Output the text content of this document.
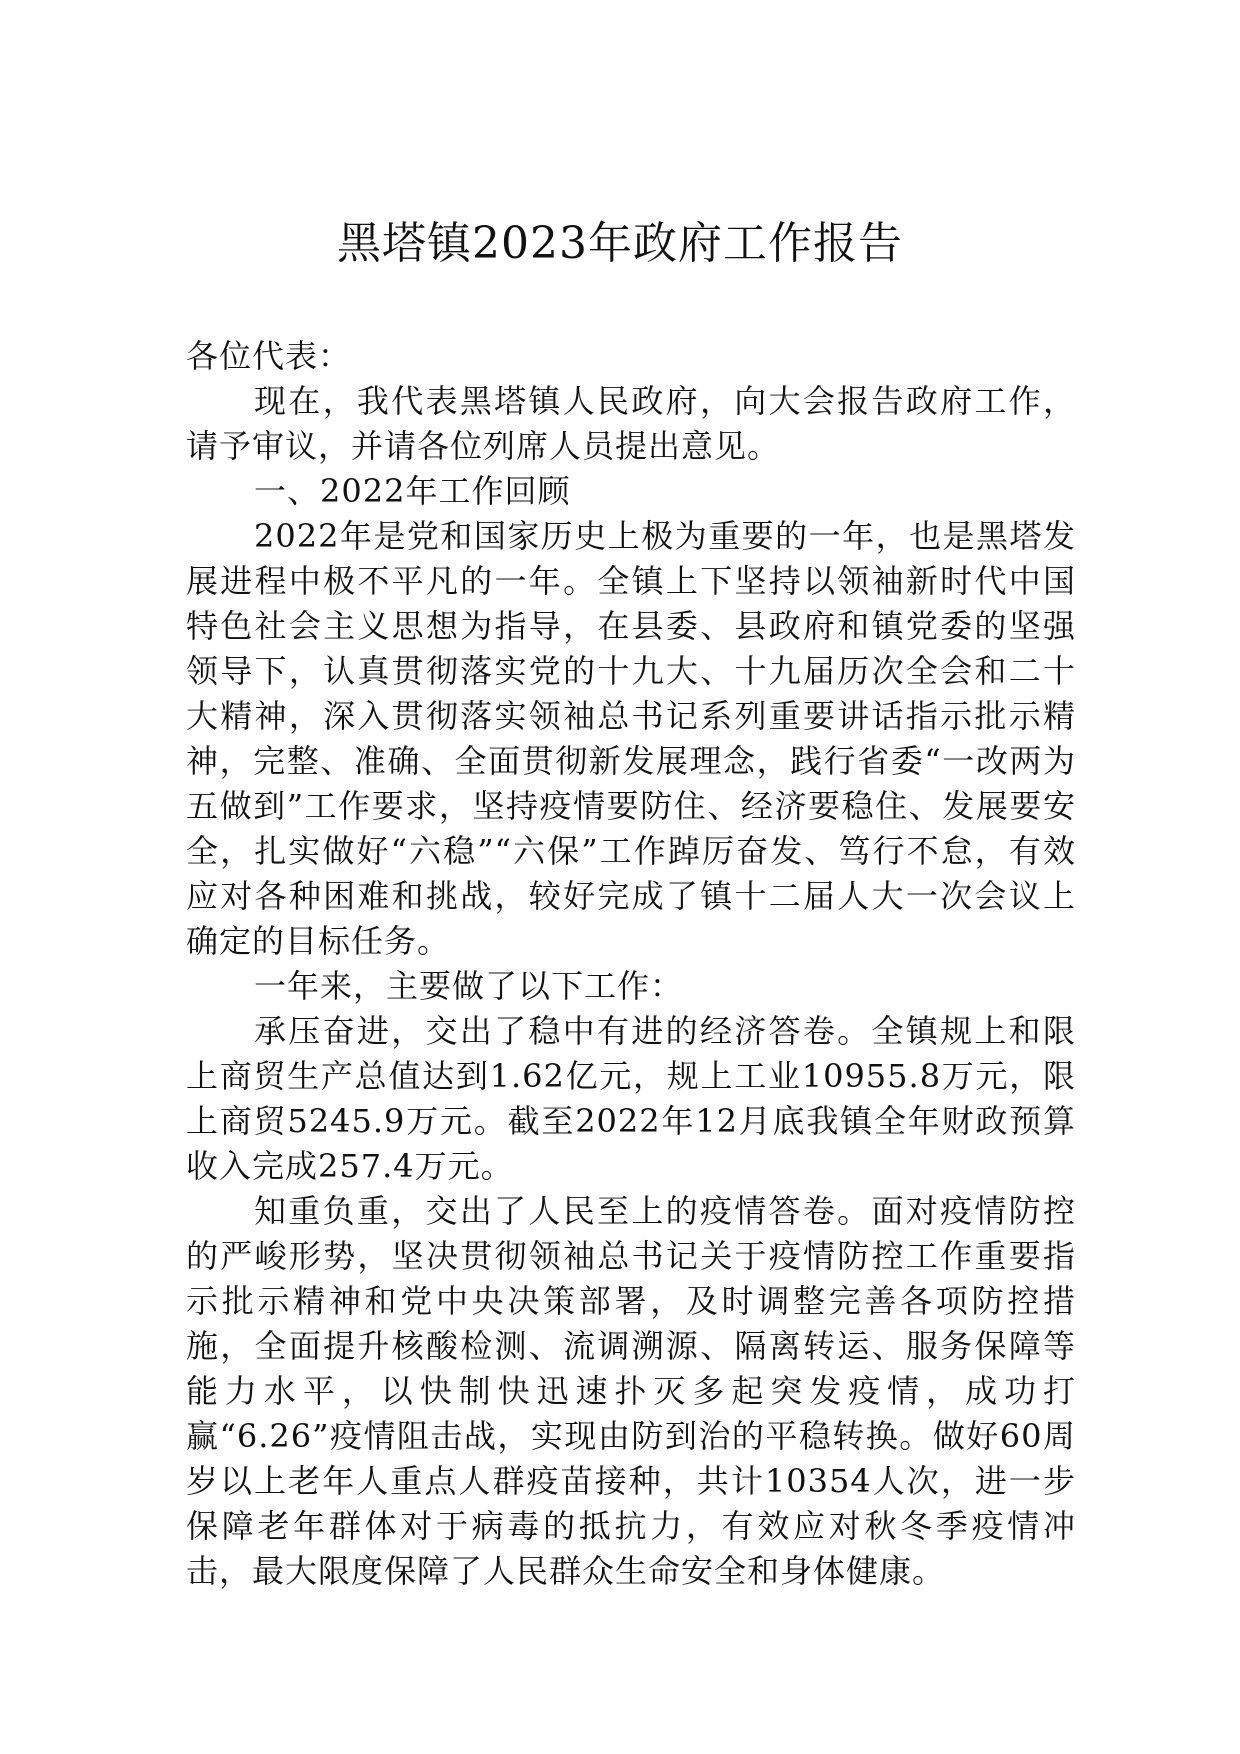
黑塔镇2023年政府工作报告

各位代表：

现在，我代表黑塔镇人民政府，向大会报告政府工作，请予审议，并请各位列席人员提出意见。

一、2022年工作回顾

2022年是党和国家历史上极为重要的一年，也是黑塔发展进程中极不平凡的一年。全镇上下坚持以领袖新时代中国特色社会主义思想为指导，在县委、县政府和镇党委的坚强领导下，认真贯彻落实党的十九大、十九届历次全会和二十大精神，深入贯彻落实领袖总书记系列重要讲话指示批示精神，完整、准确、全面贯彻新发展理念，践行省委“一改两为五做到”工作要求，坚持疫情要防住、经济要稳住、发展要安全，扎实做好“六稳”“六保”工作踔厉奋发、笃行不怠，有效应对各种困难和挑战，较好完成了镇十二届人大一次会议上确定的目标任务。

一年来，主要做了以下工作：

承压奋进，交出了稳中有进的经济答卷。全镇规上和限上商贸生产总值达到1.62亿元，规上工业10955.8万元，限上商贸5245.9万元。截至2022年12月底我镇全年财政预算收入完成257.4万元。

知重负重，交出了人民至上的疫情答卷。面对疫情防控的严峻形势，坚决贯彻领袖总书记关于疫情防控工作重要指示批示精神和党中央决策部署，及时调整完善各项防控措施，全面提升核酸检测、流调溯源、隔离转运、服务保障等能力水平，以快制快迅速扑灭多起突发疫情，成功打赢“6.26”疫情阻击战，实现由防到治的平稳转换。做好60周岁以上老年人重点人群疫苗接种，共计10354人次，进一步保障老年群体对于病毒的抵抗力，有效应对秋冬季疫情冲击，最大限度保障了人民群众生命安全和身体健康。
